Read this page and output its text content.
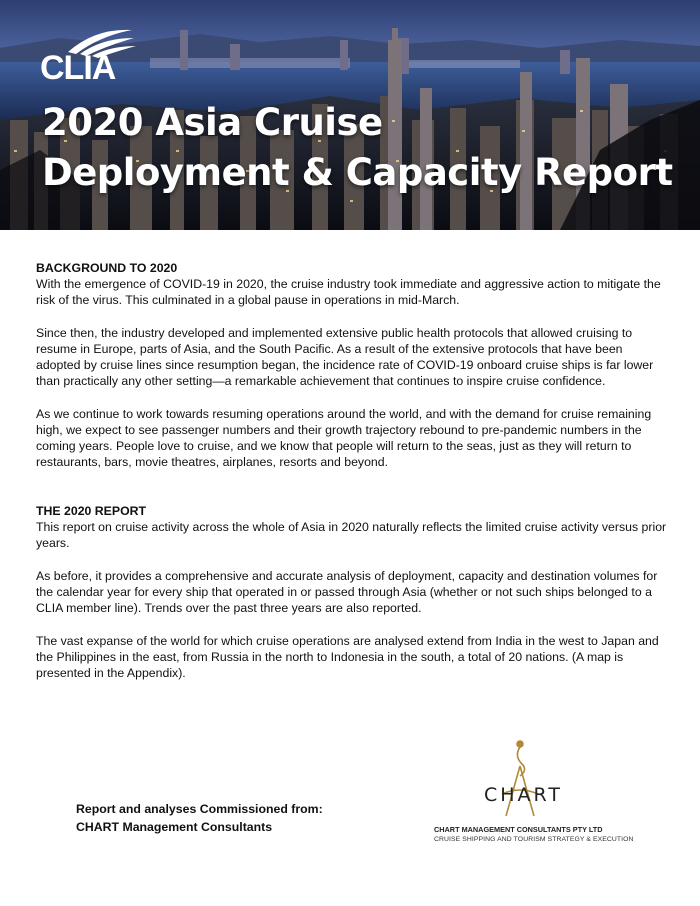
CLIA
2020 Asia Cruise
Deployment & Capacity Report
BACKGROUND TO 2020

With the emergence of COVID-19 in 2020, the cruise industry took immediate and aggressive action to mitigate the risk of the virus. This culminated in a global pause in operations in mid-March.

Since then, the industry developed and implemented extensive public health protocols that allowed cruising to resume in Europe, parts of Asia, and the South Pacific. As a result of the extensive protocols that have been adopted by cruise lines since resumption began, the incidence rate of COVID-19 onboard cruise ships is far lower than practically any other setting—a remarkable achievement that continues to inspire cruise confidence.

As we continue to work towards resuming operations around the world, and with the demand for cruise remaining high, we expect to see passenger numbers and their growth trajectory rebound to pre-pandemic numbers in the coming years. People love to cruise, and we know that people will return to the seas, just as they will return to restaurants, bars, movie theatres, airplanes, resorts and beyond.

THE 2020 REPORT

This report on cruise activity across the whole of Asia in 2020 naturally reflects the limited cruise activity versus prior years.

As before, it provides a comprehensive and accurate analysis of deployment, capacity and destination volumes for the calendar year for every ship that operated in or passed through Asia (whether or not such ships belonged to a CLIA member line). Trends over the past three years are also reported.

The vast expanse of the world for which cruise operations are analysed extend from India in the west to Japan and the Philippines in the east, from Russia in the north to Indonesia in the south, a total of 20 nations. (A map is presented in the Appendix).

Report and analyses Commissioned from:
CHART Management Consultants
CHART
CHART MANAGEMENT CONSULTANTS PTY LTD
CRUISE SHIPPING AND TOURISM STRATEGY & EXECUTION
